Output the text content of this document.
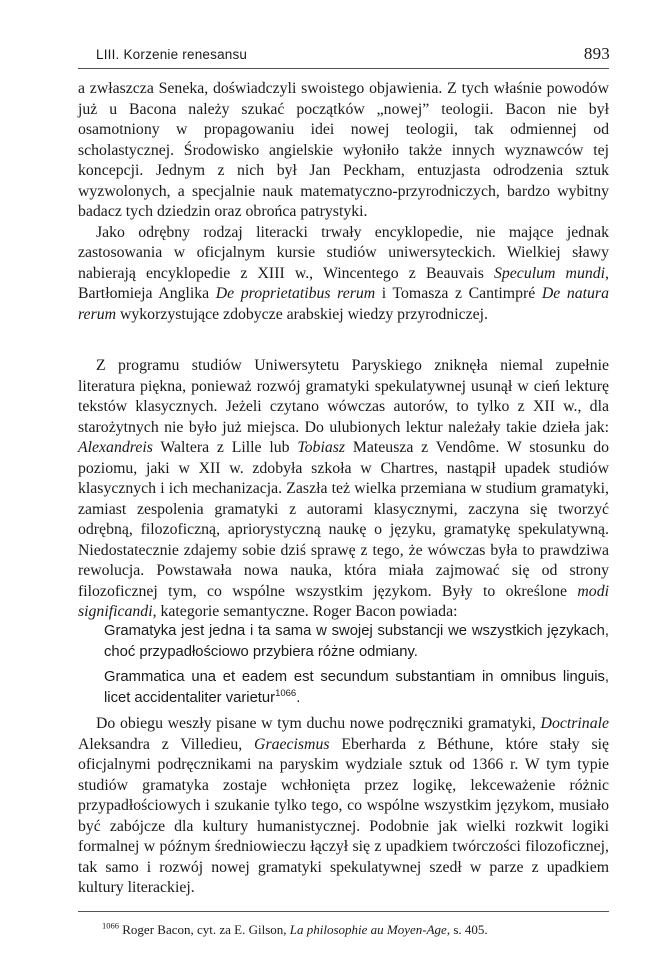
LIII. Korzenie renesansu	893

a zwłaszcza Seneka, doświadczyli swoistego objawienia. Z tych właśnie powodów już u Bacona należy szukać początków „nowej” teologii. Bacon nie był osamotniony w propagowaniu idei nowej teologii, tak odmiennej od scholastycznej. Środowisko angielskie wyłoniło także innych wyznawców tej koncepcji. Jednym z nich był Jan Peckham, entuzjasta odrodzenia sztuk wyzwolonych, a specjalnie nauk matematyczno-przyrodniczych, bardzo wybitny badacz tych dziedzin oraz obrońca patrystyki.

Jako odrębny rodzaj literacki trwały encyklopedie, nie mające jednak zastosowania w oficjalnym kursie studiów uniwersyteckich. Wielkiej sławy nabierają encyklopedie z XIII w., Wincentego z Beauvais Speculum mundi, Bartłomieja Anglika De proprietatibus rerum i Tomasza z Cantimpré De natura rerum wykorzystujące zdobycze arabskiej wiedzy przyrodniczej.

Z programu studiów Uniwersytetu Paryskiego zniknęła niemal zupełnie literatura piękna, ponieważ rozwój gramatyki spekulatywnej usunął w cień lekturę tekstów klasycznych. Jeżeli czytano wówczas autorów, to tylko z XII w., dla starożytnych nie było już miejsca. Do ulubionych lektur należały takie dzieła jak: Alexandreis Waltera z Lille lub Tobiasz Mateusza z Vendôme. W stosunku do poziomu, jaki w XII w. zdobyła szkoła w Chartres, nastąpił upadek studiów klasycznych i ich mechanizacja. Zaszła też wielka przemiana w studium gramatyki, zamiast zespolenia gramatyki z autorami klasycznymi, zaczyna się tworzyć odrębną, filozoficzną, apriorystyczną naukę o języku, gramatykę spekulatywną. Niedostatecznie zdajemy sobie dziś sprawę z tego, że wówczas była to prawdziwa rewolucja. Powstawała nowa nauka, która miała zajmować się od strony filozoficznej tym, co wspólne wszystkim językom. Były to określone modi significandi, kategorie semantyczne. Roger Bacon powiada:

Gramatyka jest jedna i ta sama w swojej substancji we wszystkich językach, choć przypadłościowo przybiera różne odmiany.
Grammatica una et eadem est secundum substantiam in omnibus linguis, licet accidentaliter varietur$^{1066}$.

Do obiegu weszły pisane w tym duchu nowe podręczniki gramatyki, Doctrinale Aleksandra z Villedieu, Graecismus Eberharda z Béthune, które stały się oficjalnymi podręcznikami na paryskim wydziale sztuk od 1366 r. W tym typie studiów gramatyka zostaje wchłonięta przez logikę, lekceważenie różnic przypadłościowych i szukanie tylko tego, co wspólne wszystkim językom, musiało być zabójcze dla kultury humanistycznej. Podobnie jak wielki rozkwit logiki formalnej w późnym średniowieczu łączył się z upadkiem twórczości filozoficznej, tak samo i rozwój nowej gramatyki spekulatywnej szedł w parze z upadkiem kultury literackiej.

$^{1066}$ Roger Bacon, cyt. za E. Gilson, La philosophie au Moyen-Age, s. 405.
